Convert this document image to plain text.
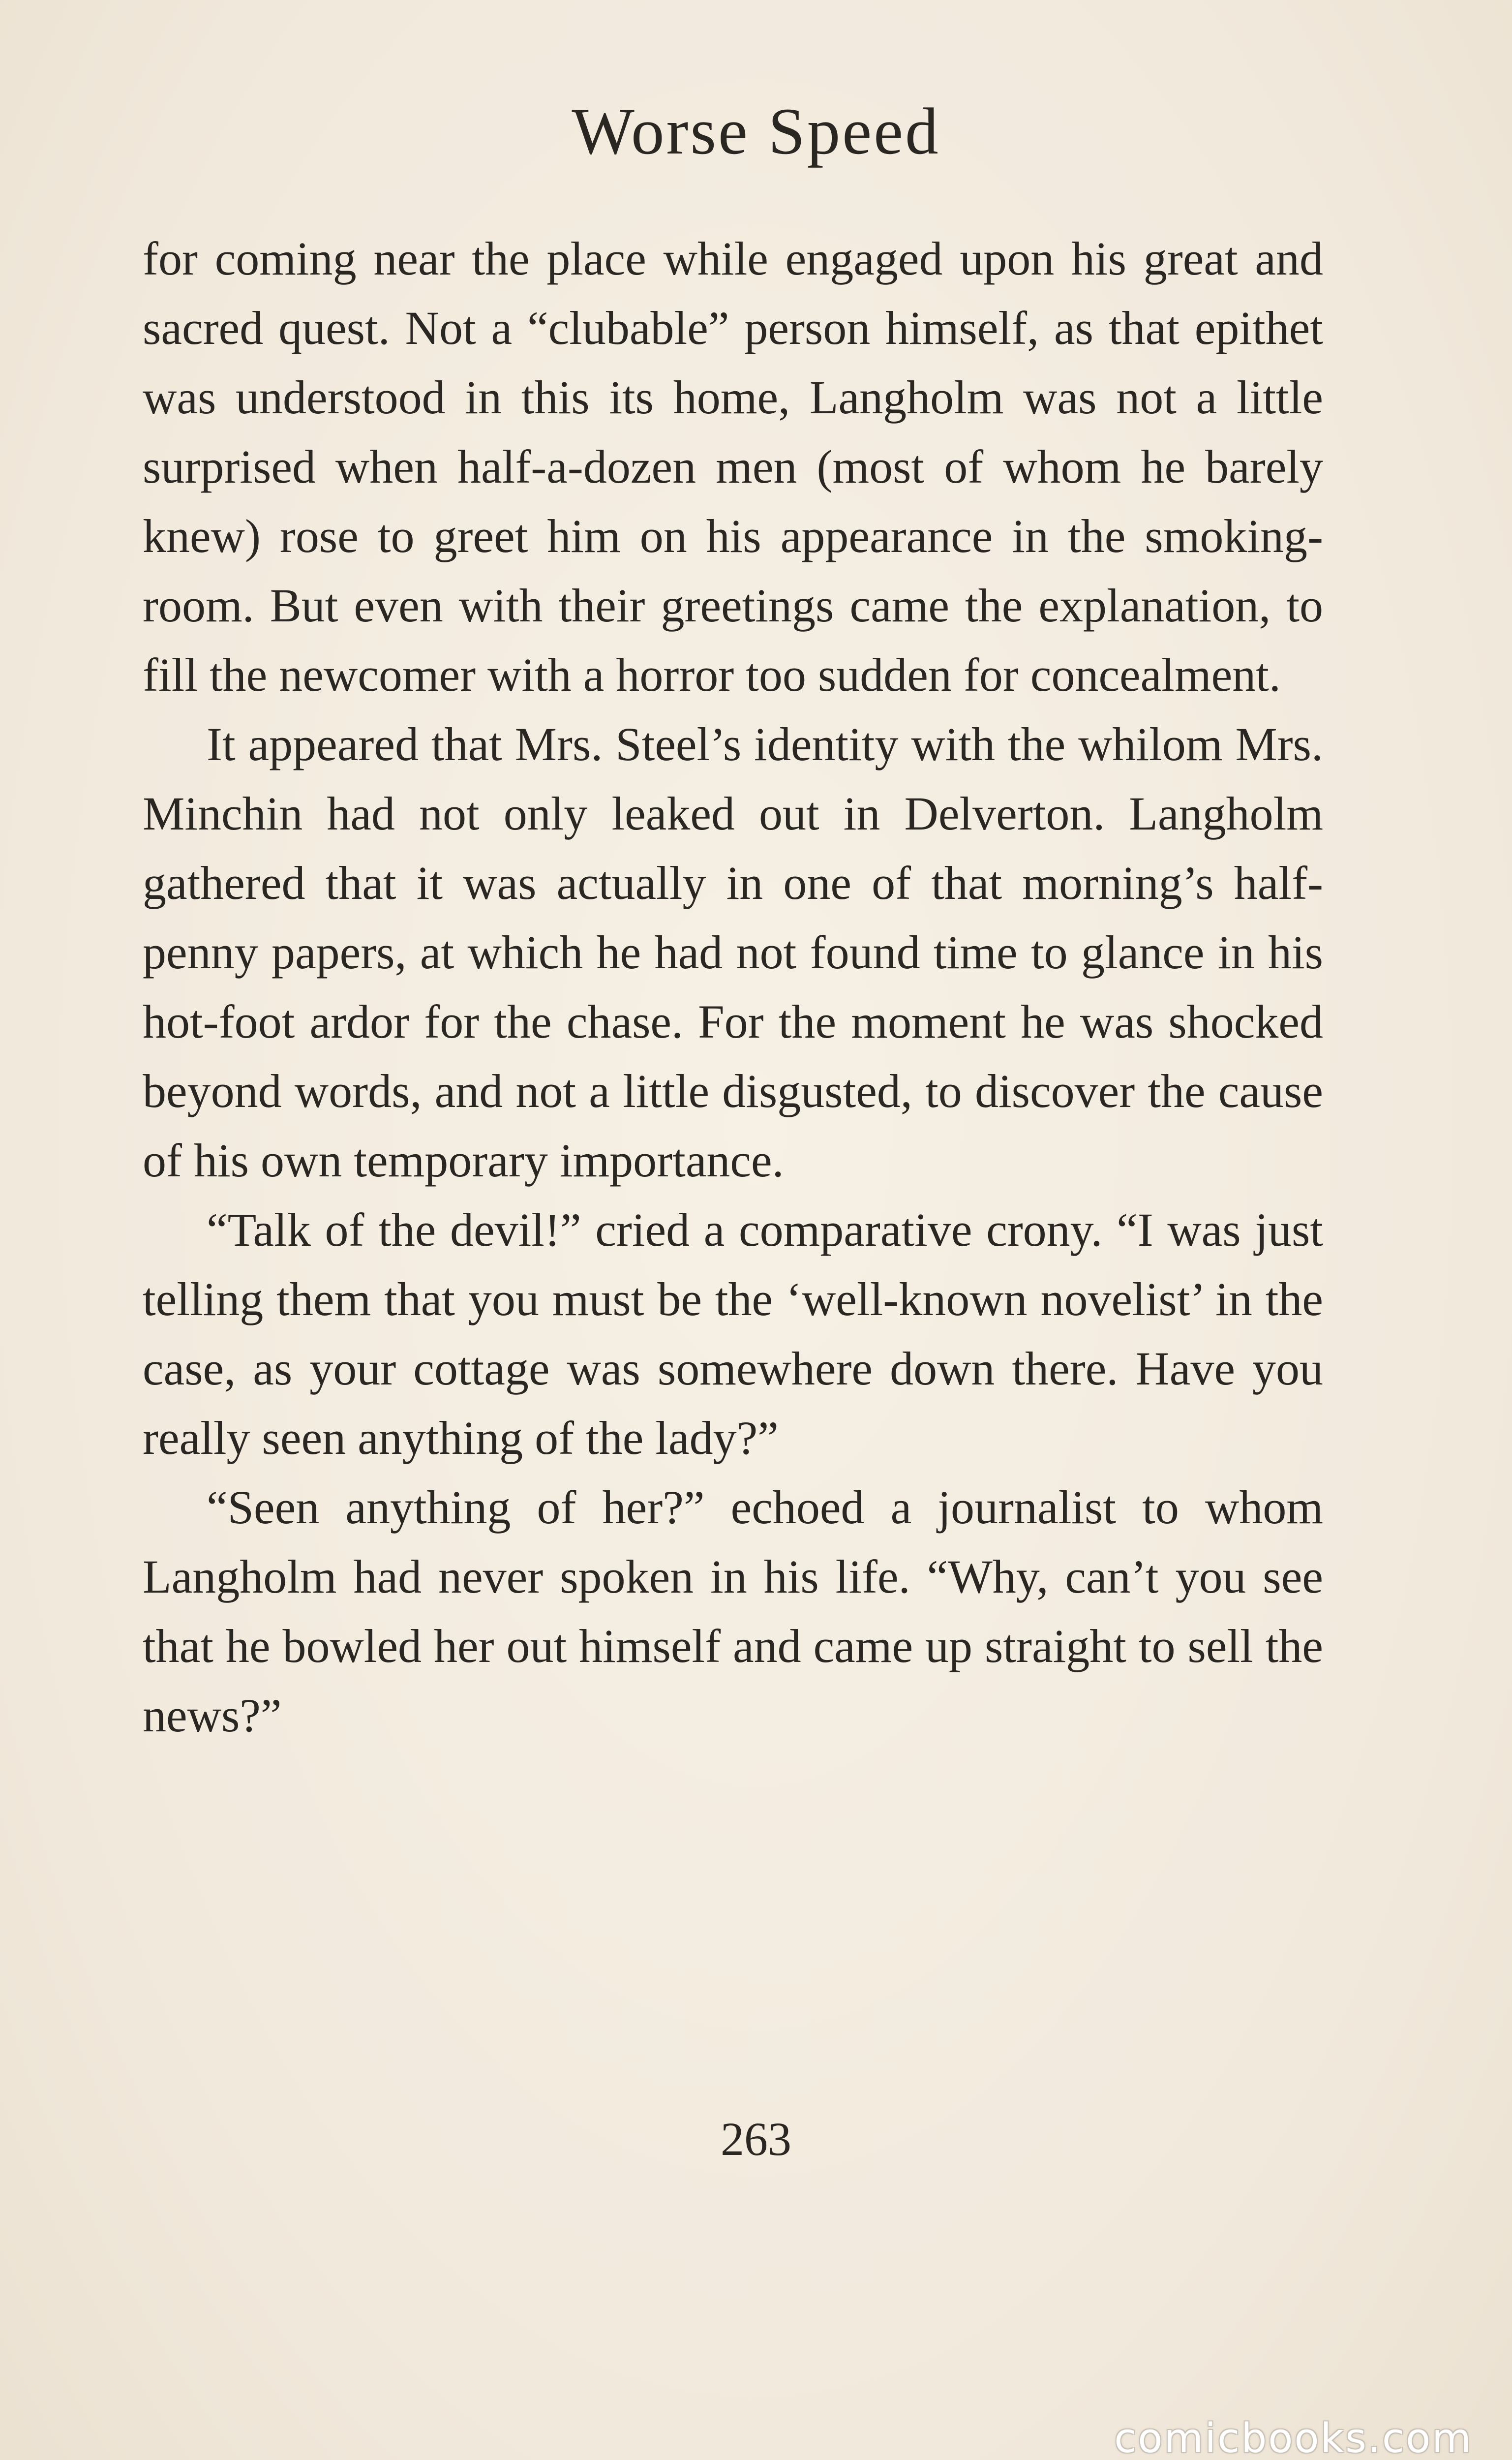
Worse Speed

for coming near the place while engaged upon his great and sacred quest. Not a “clubable” person himself, as that epithet was understood in this its home, Langholm was not a little surprised when half-a-dozen men (most of whom he barely knew) rose to greet him on his appearance in the smoking-room. But even with their greetings came the explanation, to fill the newcomer with a horror too sudden for concealment.

It appeared that Mrs. Steel’s identity with the whilom Mrs. Minchin had not only leaked out in Delverton. Langholm gathered that it was actually in one of that morning’s half-penny papers, at which he had not found time to glance in his hot-foot ardor for the chase. For the moment he was shocked beyond words, and not a little disgusted, to discover the cause of his own temporary importance.

“Talk of the devil!” cried a comparative crony. “I was just telling them that you must be the ‘well-known novelist’ in the case, as your cottage was somewhere down there. Have you really seen anything of the lady?”

“Seen anything of her?” echoed a journalist to whom Langholm had never spoken in his life. “Why, can’t you see that he bowled her out himself and came up straight to sell the news?”

263
comicbooks.com
